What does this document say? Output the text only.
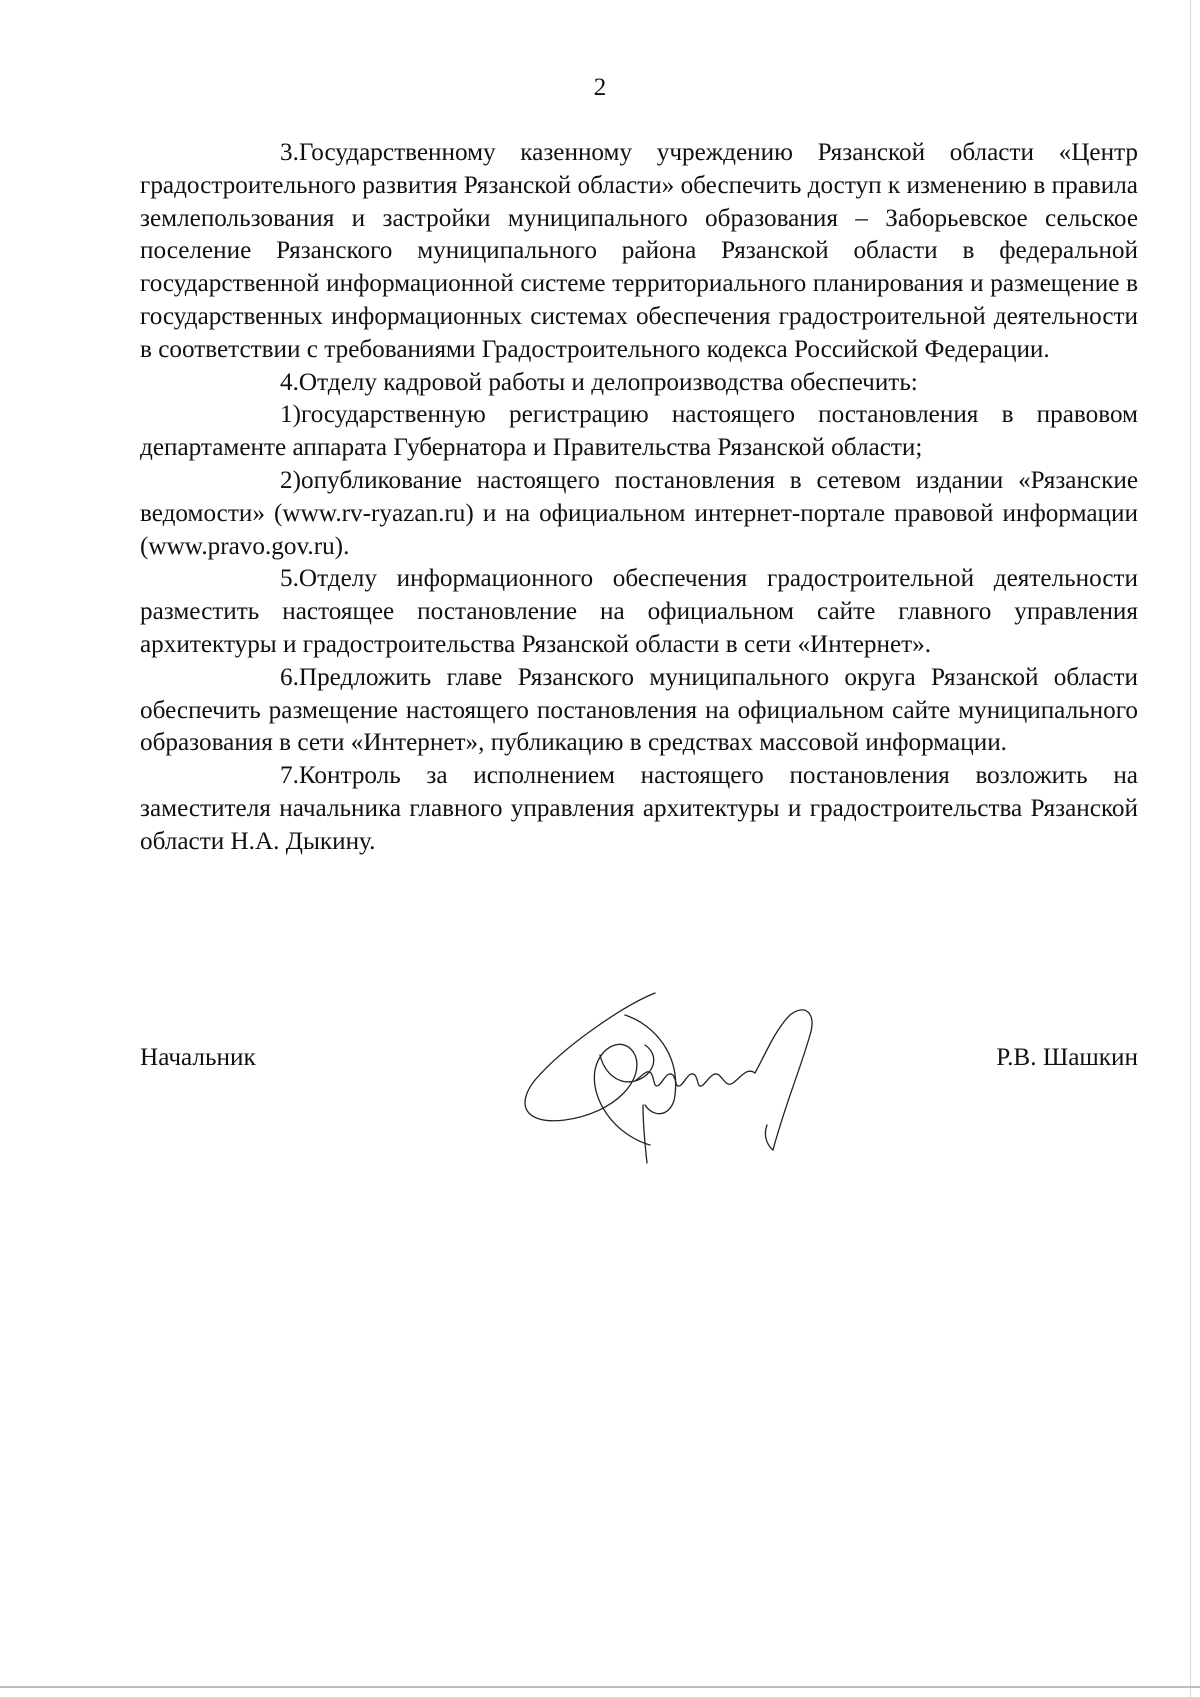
2

3.Государственному казенному учреждению Рязанской области «Центр градостроительного развития Рязанской области» обеспечить доступ к изменению в правила землепользования и застройки муниципального образования – Заборьевское сельское поселение Рязанского муниципального района Рязанской области в федеральной государственной информационной системе территориального планирования и размещение в государственных информационных системах обеспечения градостроительной деятельности в соответствии с требованиями Градостроительного кодекса Российской Федерации.

4.Отделу кадровой работы и делопроизводства обеспечить:

1)государственную регистрацию настоящего постановления в правовом департаменте аппарата Губернатора и Правительства Рязанской области;

2)опубликование настоящего постановления в сетевом издании «Рязанские ведомости» (www.rv-ryazan.ru) и на официальном интернет-портале правовой информации (www.pravo.gov.ru).

5.Отделу информационного обеспечения градостроительной деятельности разместить настоящее постановление на официальном сайте главного управления архитектуры и градостроительства Рязанской области в сети «Интернет».

6.Предложить главе Рязанского муниципального округа Рязанской области обеспечить размещение настоящего постановления на официальном сайте муниципального образования в сети «Интернет», публикацию в средствах массовой информации.

7.Контроль за исполнением настоящего постановления возложить на заместителя начальника главного управления архитектуры и градостроительства Рязанской области Н.А. Дыкину.

Начальник	Р.В. Шашкин
